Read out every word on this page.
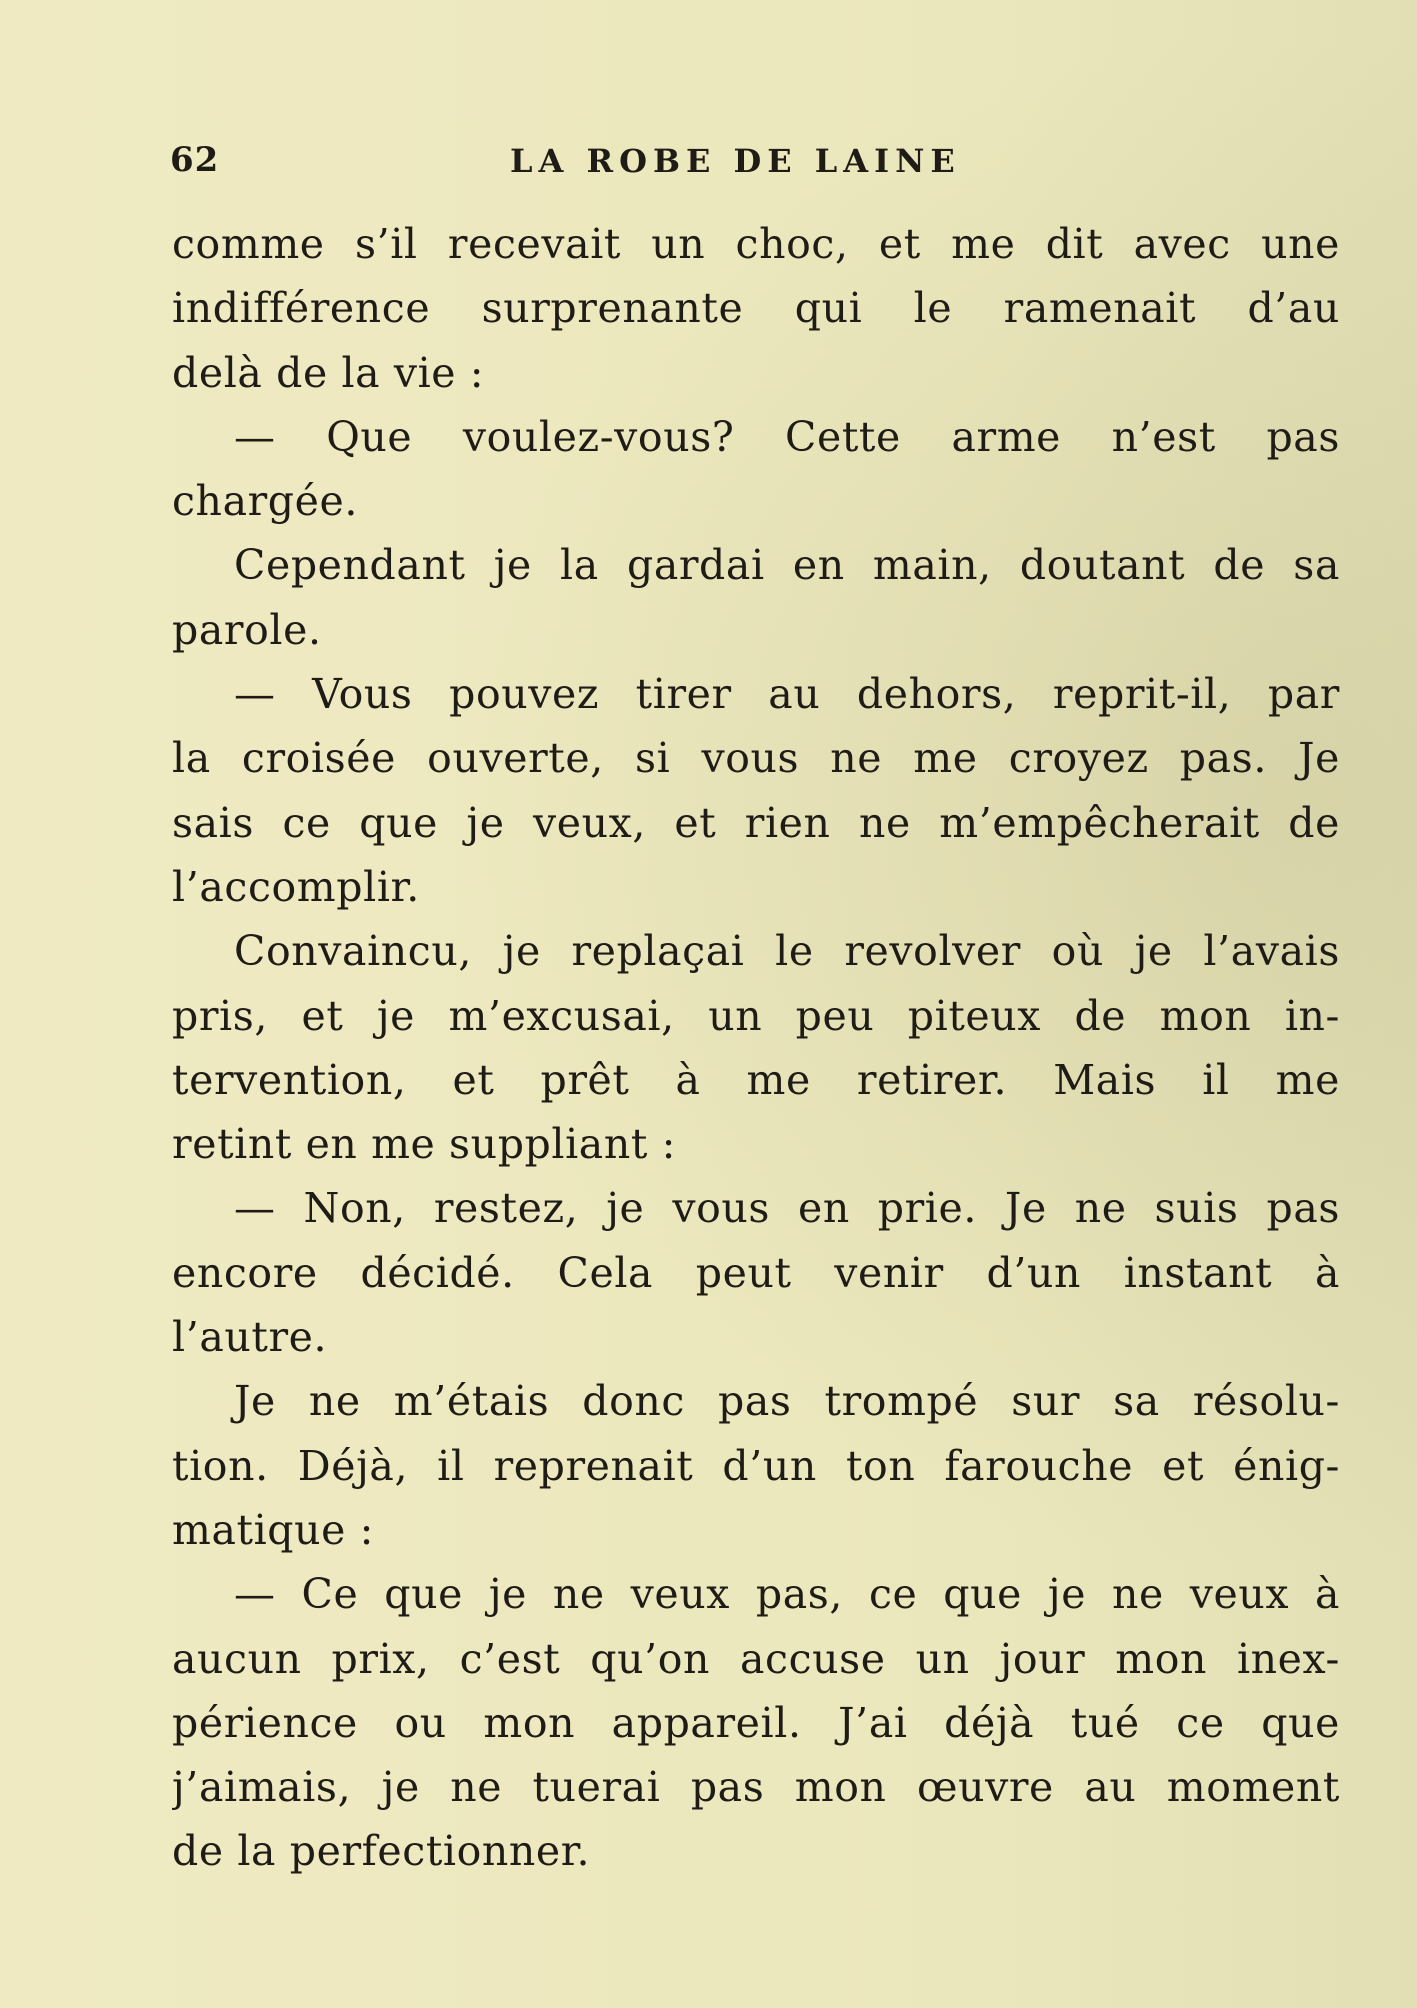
62	LA ROBE DE LAINE
comme s’il recevait un choc, et me dit avec une
indifférence surprenante qui le ramenait d’au
delà de la vie :
— Que voulez-vous? Cette arme n’est pas
chargée.
Cependant je la gardai en main, doutant de sa
parole.
— Vous pouvez tirer au dehors, reprit-il, par
la croisée ouverte, si vous ne me croyez pas. Je
sais ce que je veux, et rien ne m’empêcherait de
l’accomplir.
Convaincu, je replaçai le revolver où je l’avais
pris, et je m’excusai, un peu piteux de mon in-
tervention, et prêt à me retirer. Mais il me
retint en me suppliant :
— Non, restez, je vous en prie. Je ne suis pas
encore décidé. Cela peut venir d’un instant à
l’autre.
Je ne m’étais donc pas trompé sur sa résolu-
tion. Déjà, il reprenait d’un ton farouche et énig-
matique :
— Ce que je ne veux pas, ce que je ne veux à
aucun prix, c’est qu’on accuse un jour mon inex-
périence ou mon appareil. J’ai déjà tué ce que
j’aimais, je ne tuerai pas mon œuvre au moment
de la perfectionner.
